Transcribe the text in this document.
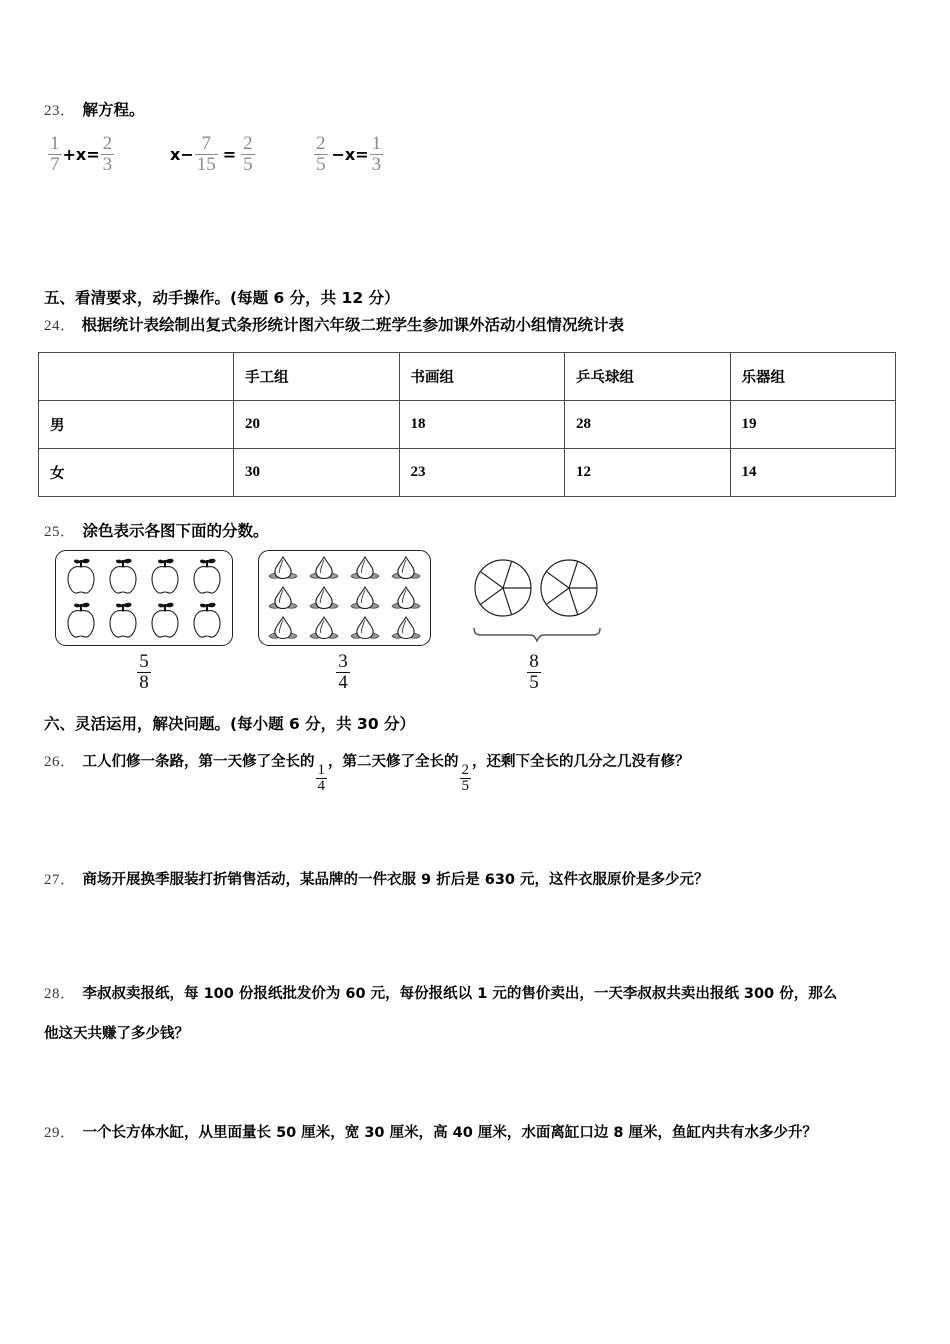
23． 解方程。
$\frac{1}{7} + x = \frac{2}{3}$	$x - \frac{7}{15} = \frac{2}{5}$	$\frac{2}{5} - x = \frac{1}{3}$
五、看清要求，动手操作。(每题 6 分，共 12 分）
24． 根据统计表绘制出复式条形统计图六年级二班学生参加课外活动小组情况统计表
	手工组	书画组	乒乓球组	乐器组
男	20	18	28	19
女	30	23	12	14
25． 涂色表示各图下面的分数。
$\frac{5}{8}$	$\frac{3}{4}$	$\frac{8}{5}$
六、灵活运用，解决问题。(每小题 6 分，共 30 分）
26． 工人们修一条路，第一天修了全长的
$\frac{1}{4}$
，第二天修了全长的
$\frac{2}{5}$
，还剩下全长的几分之几没有修？
27． 商场开展换季服装打折销售活动，某品牌的一件衣服 9 折后是 630 元，这件衣服原价是多少元？
28． 李叔叔卖报纸，每 100 份报纸批发价为 60 元，每份报纸以 1 元的售价卖出，一天李叔叔共卖出报纸 300 份，那么
他这天共赚了多少钱？
29． 一个长方体水缸，从里面量长 50 厘米，宽 30 厘米，高 40 厘米，水面离缸口边 8 厘米，鱼缸内共有水多少升？
